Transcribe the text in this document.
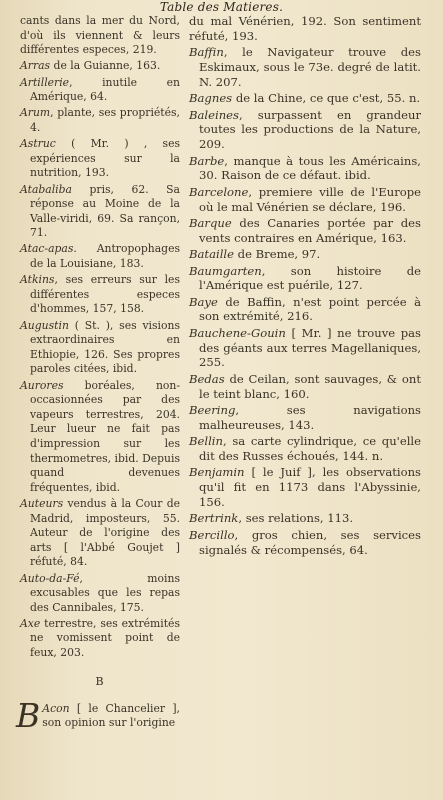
Table des Matieres.
cants dans la mer du Nord, d'où ils viennent & leurs différentes especes, 219.
Arras de la Guianne, 163.
Artillerie, inutile en Amérique, 64.
Arum, plante, ses propriétés, 4.
Astruc ( Mr. ) , ses expériences sur la nutrition, 193.
Atabaliba pris, 62. Sa réponse au Moine de la Valle-viridi, 69. Sa rançon, 71.
Atac-apas. Antropophages de la Louisiane, 183.
Atkins, ses erreurs sur les différentes especes d'hommes, 157, 158.
Augustin ( St. ), ses visions extraordinaires en Ethiopie, 126. Ses propres paroles citées, ibid.
Aurores boréales, non-occasionnées par des vapeurs terrestres, 204. Leur lueur ne fait pas d'impression sur les thermometres, ibid. Depuis quand devenues fréquentes, ibid.
Auteurs vendus à la Cour de Madrid, imposteurs, 55. Auteur de l'origine des arts [ l'Abbé Goujet ] réfuté, 84.
Auto-da-Fé, moins excusables que les repas des Cannibales, 175.
Axe terrestre, ses extrémités ne vomissent point de feux, 203.
B
B Acon [ le Chancelier ], son opinion sur l'origine
du mal Vénérien, 192. Son sentiment réfuté, 193.
Baffin, le Navigateur trouve des Eskimaux, sous le 73e. degré de latit. N. 207.
Bagnes de la Chine, ce que c'est, 55. n.
Baleines, surpassent en grandeur toutes les productions de la Nature, 209.
Barbe, manque à tous les Américains, 30. Raison de ce défaut. ibid.
Barcelone, premiere ville de l'Europe où le mal Vénérien se déclare, 196.
Barque des Canaries portée par des vents contraires en Amérique, 163.
Bataille de Breme, 97.
Baumgarten, son histoire de l'Amérique est puérile, 127.
Baye de Baffin, n'est point percée à son extrémité, 216.
Bauchene-Gouin [ Mr. ] ne trouve pas des géants aux terres Magellaniques, 255.
Bedas de Ceilan, sont sauvages, & ont le teint blanc, 160.
Beering, ses navigations malheureuses, 143.
Bellin, sa carte cylindrique, ce qu'elle dit des Russes échoués, 144. n.
Benjamin [ le Juif ], les observations qu'il fit en 1173 dans l'Abyssinie, 156.
Bertrink, ses relations, 113.
Bercillo, gros chien, ses services signalés & récompensés, 64.
